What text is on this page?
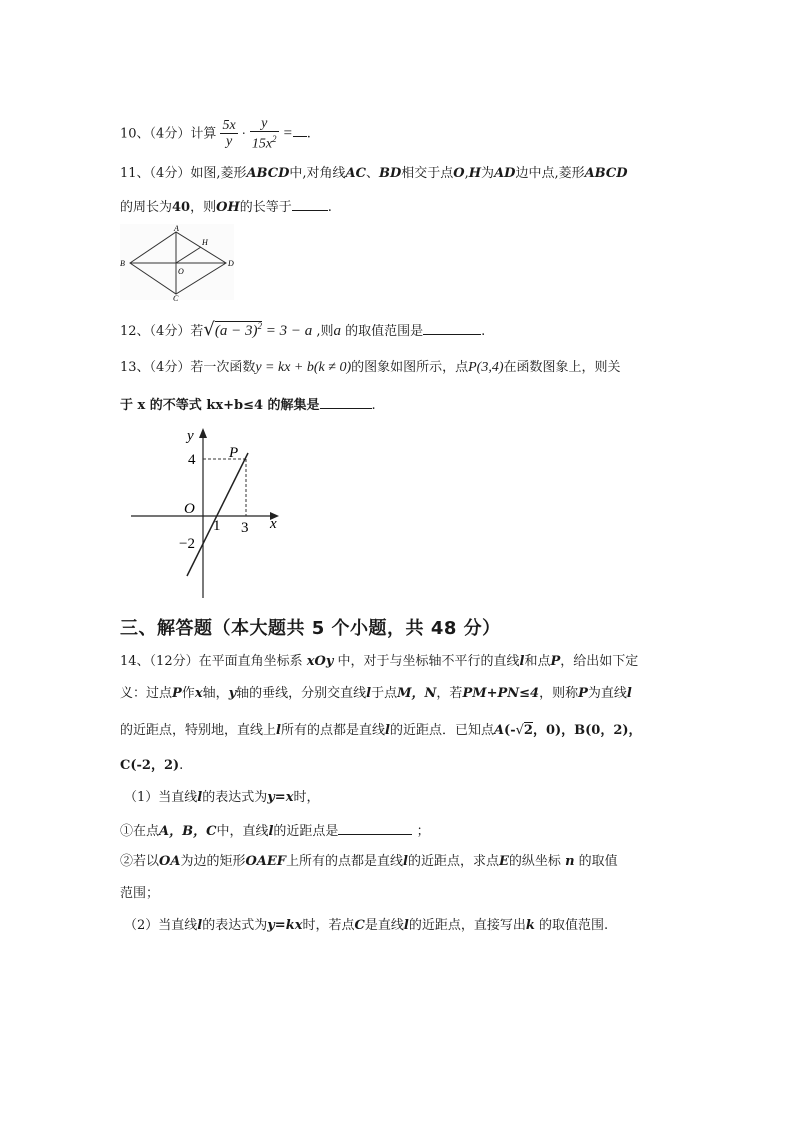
10、（4分）计算 $\frac{5x}{y} \cdot \frac{y}{15x^2}$ = .
11、（4分）如图,菱形ABCD中,对角线AC、BD相交于点O,H为AD边中点,菱形ABCD
的周长为40，则OH的长等于	.
A
B
C
D
O
H
12、（4分）若$√(a - 3)^2 = 3 - a$ ,则a 的取值范围是	.
13、（4分）若一次函数y = kx + b(k ≠ 0)的图象如图所示，点P(3,4)在函数图象上，则关
于 x 的不等式 kx+b≤4 的解集是	.
y
x
P
4
O
−2
1 3
三、解答题（本大题共 5 个小题，共 48 分）
14、（12分）在平面直角坐标系 xOy 中，对于与坐标轴不平行的直线l和点P，给出如下定
义：过点P作x轴，y轴的垂线，分别交直线l于点M，N，若PM+PN≤4，则称P为直线l
的近距点，特别地，直线上l所有的点都是直线l的近距点．已知点A(-√2，0)，B(0，2)，
C(-2，2).
（1）当直线l的表达式为y=x时，
①在点A，B，C中，直线l的近距点是	；
②若以OA为边的矩形OAEF上所有的点都是直线l的近距点，求点E的纵坐标 n 的取值
范围；
（2）当直线l的表达式为y=kx时，若点C是直线l的近距点，直接写出k 的取值范围.
